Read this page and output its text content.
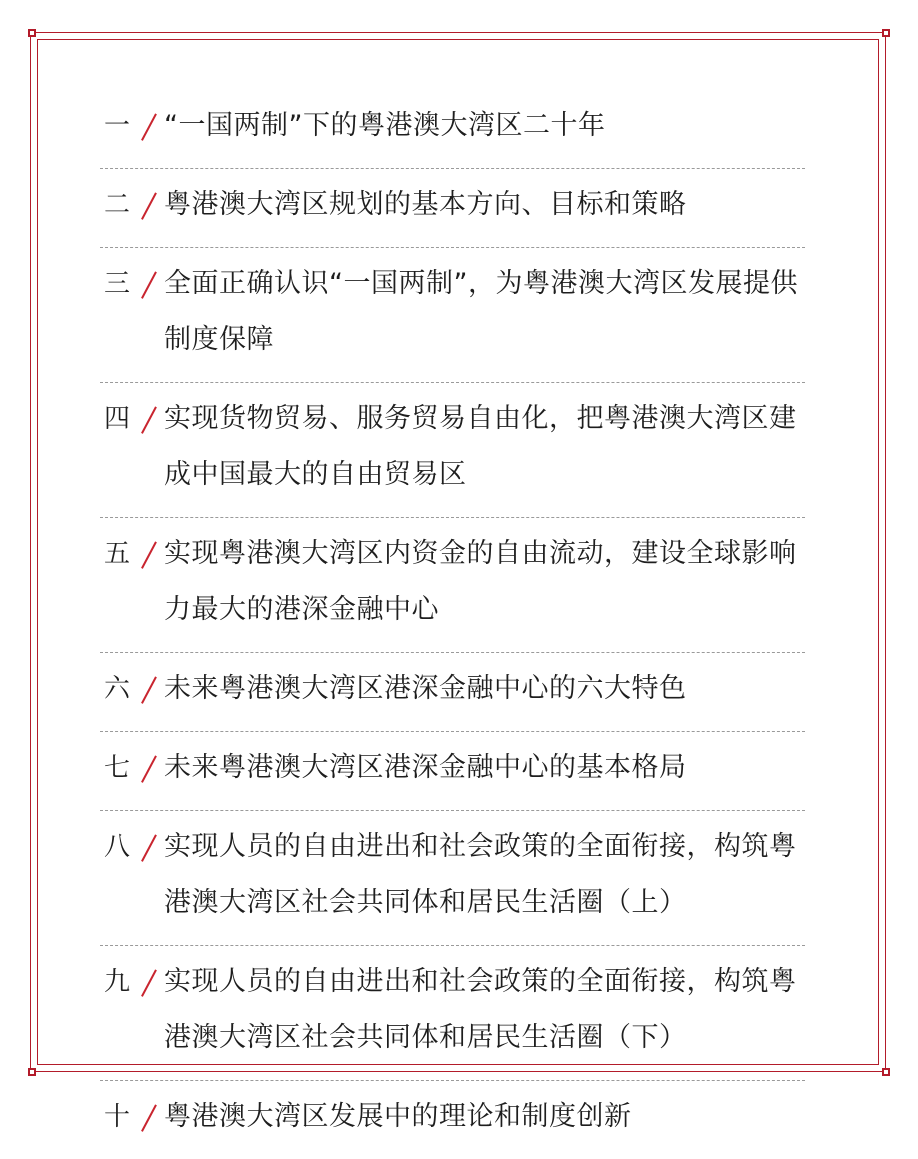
一 “一国两制”下的粤港澳大湾区二十年
二 粤港澳大湾区规划的基本方向、目标和策略
三 全面正确认识“一国两制”，为粤港澳大湾区发展提供制度保障
四 实现货物贸易、服务贸易自由化，把粤港澳大湾区建成中国最大的自由贸易区
五 实现粤港澳大湾区内资金的自由流动，建设全球影响力最大的港深金融中心
六 未来粤港澳大湾区港深金融中心的六大特色
七 未来粤港澳大湾区港深金融中心的基本格局
八 实现人员的自由进出和社会政策的全面衔接，构筑粤港澳大湾区社会共同体和居民生活圈（上）
九 实现人员的自由进出和社会政策的全面衔接，构筑粤港澳大湾区社会共同体和居民生活圈（下）
十 粤港澳大湾区发展中的理论和制度创新
